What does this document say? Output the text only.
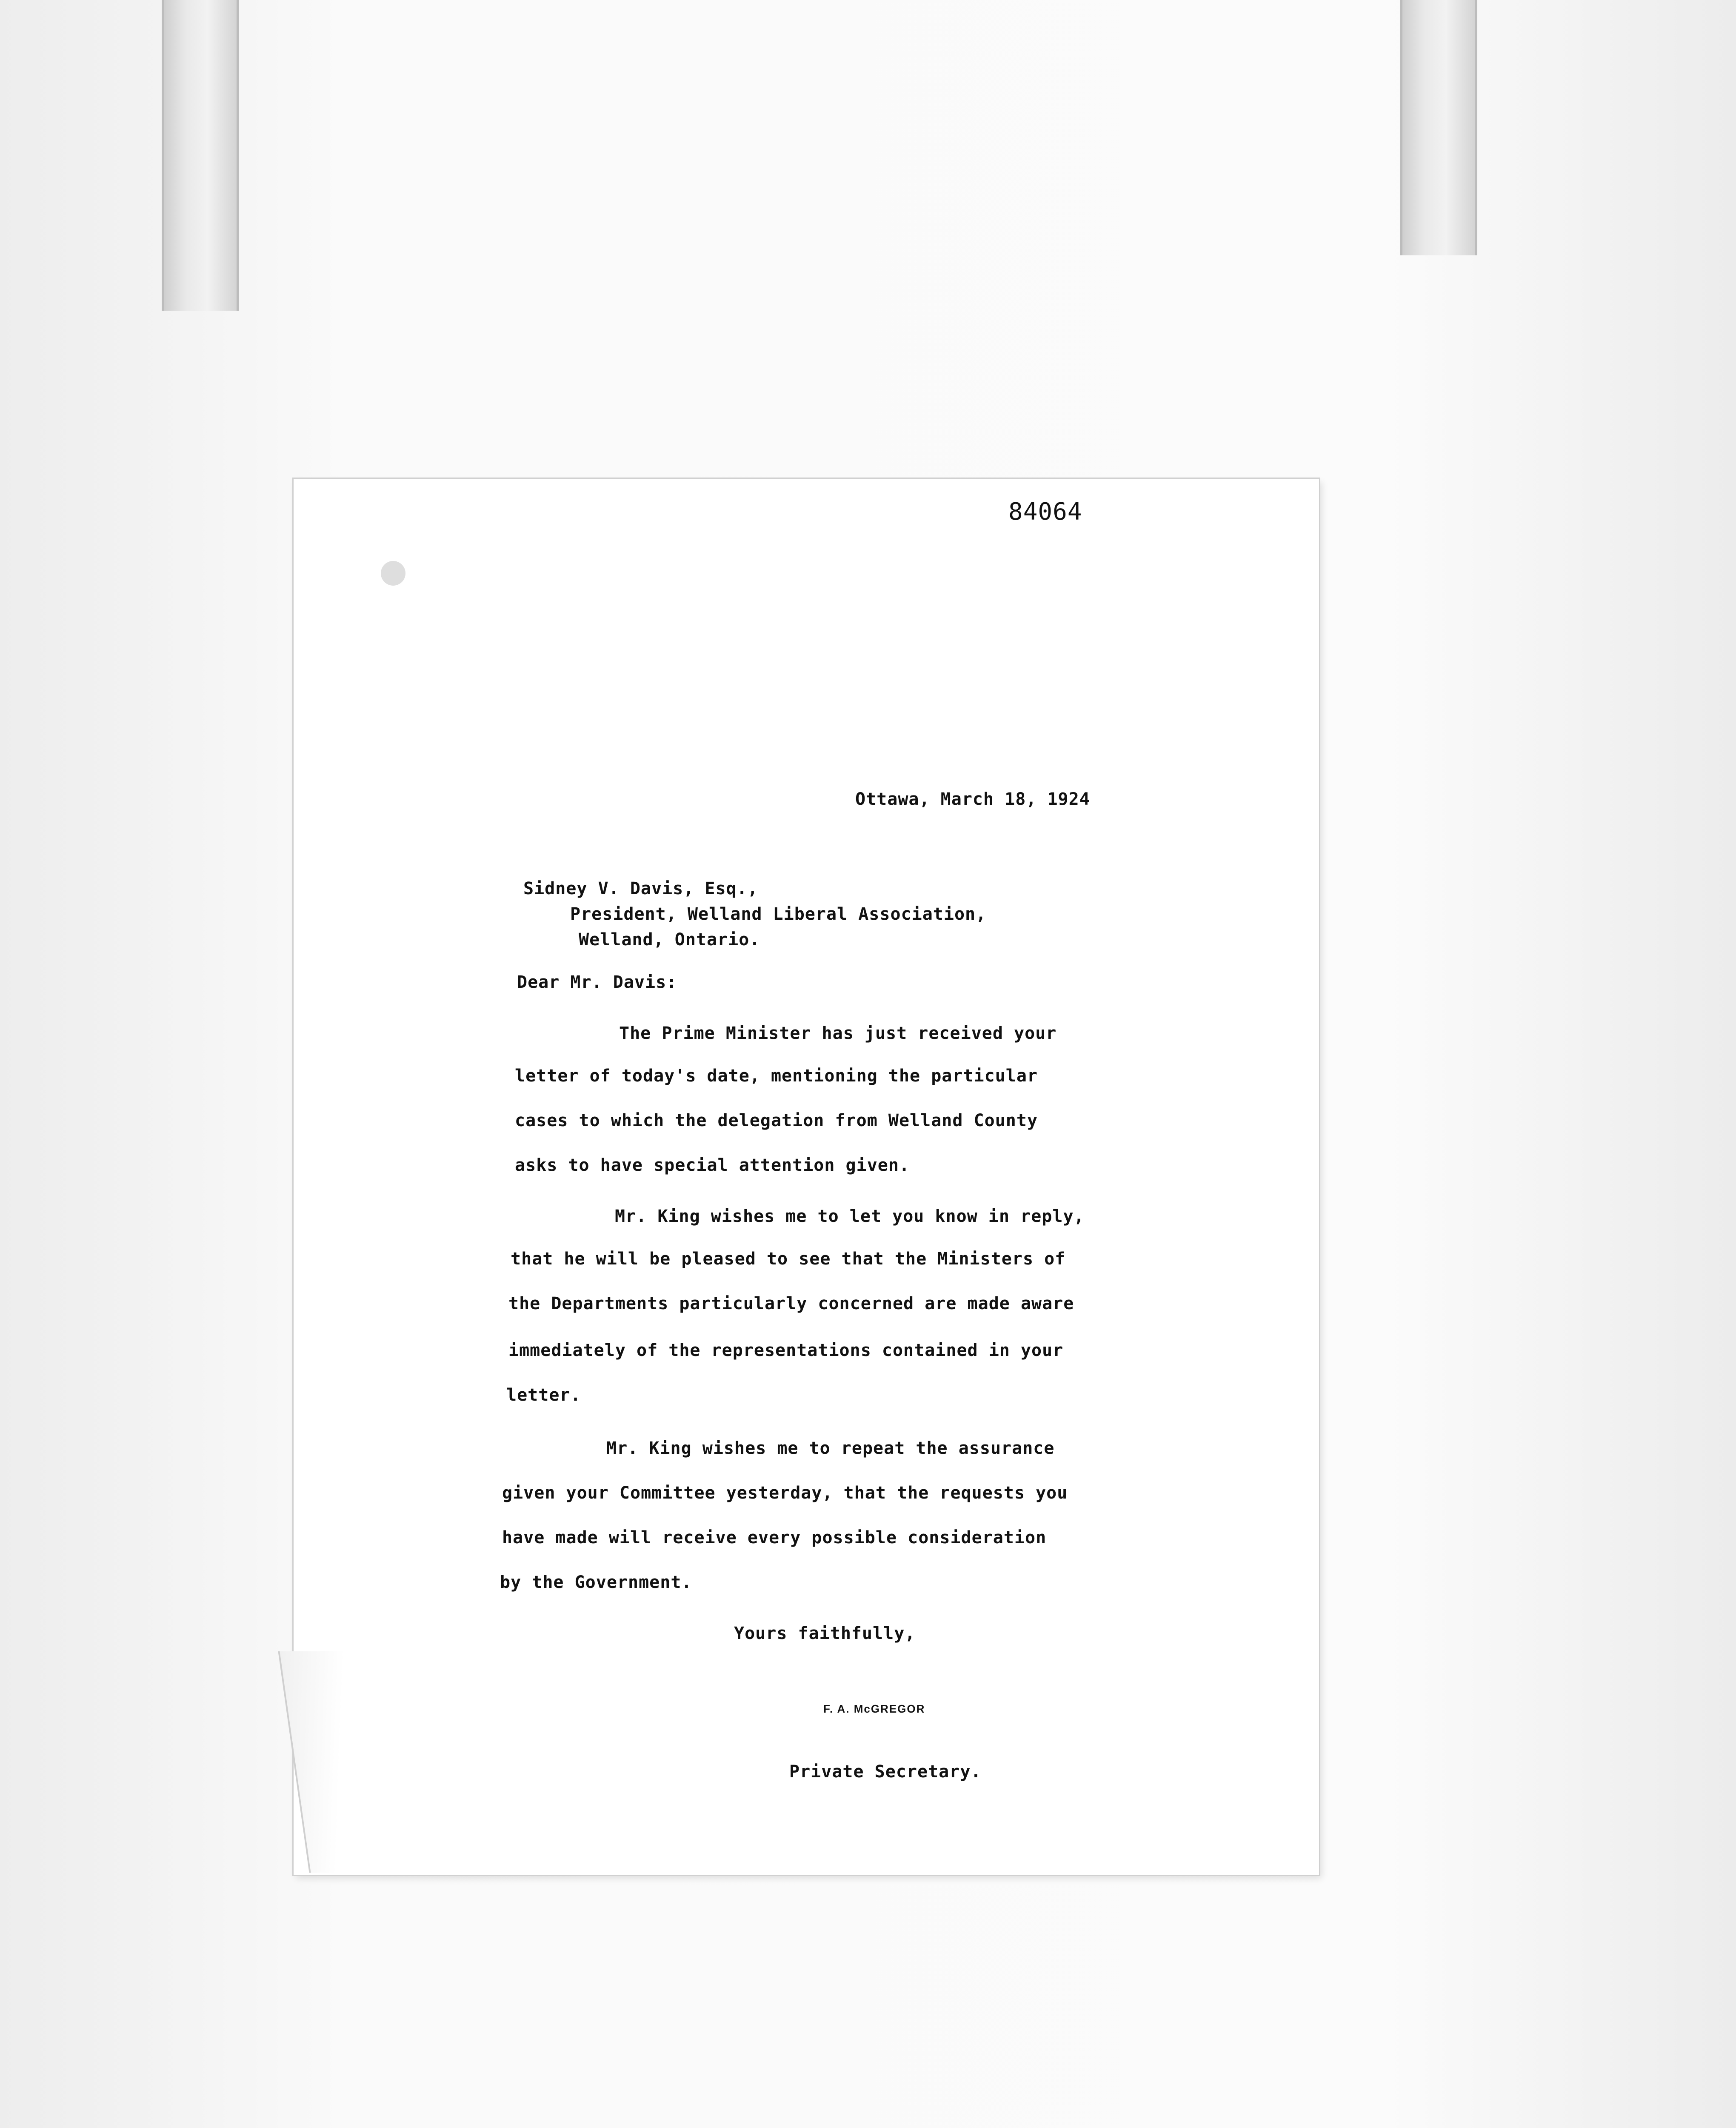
84064
Ottawa, March 18, 1924
Sidney V. Davis, Esq.,
President, Welland Liberal Association,
Welland, Ontario.
Dear Mr. Davis:
The Prime Minister has just received your
letter of today's date, mentioning the particular
cases to which the delegation from Welland County
asks to have special attention given.
Mr. King wishes me to let you know in reply,
that he will be pleased to see that the Ministers of
the Departments particularly concerned are made aware
immediately of the representations contained in your
letter.
Mr. King wishes me to repeat the assurance
given your Committee yesterday, that the requests you
have made will receive every possible consideration
by the Government.
Yours faithfully,
F. A. McGREGOR
Private Secretary.
